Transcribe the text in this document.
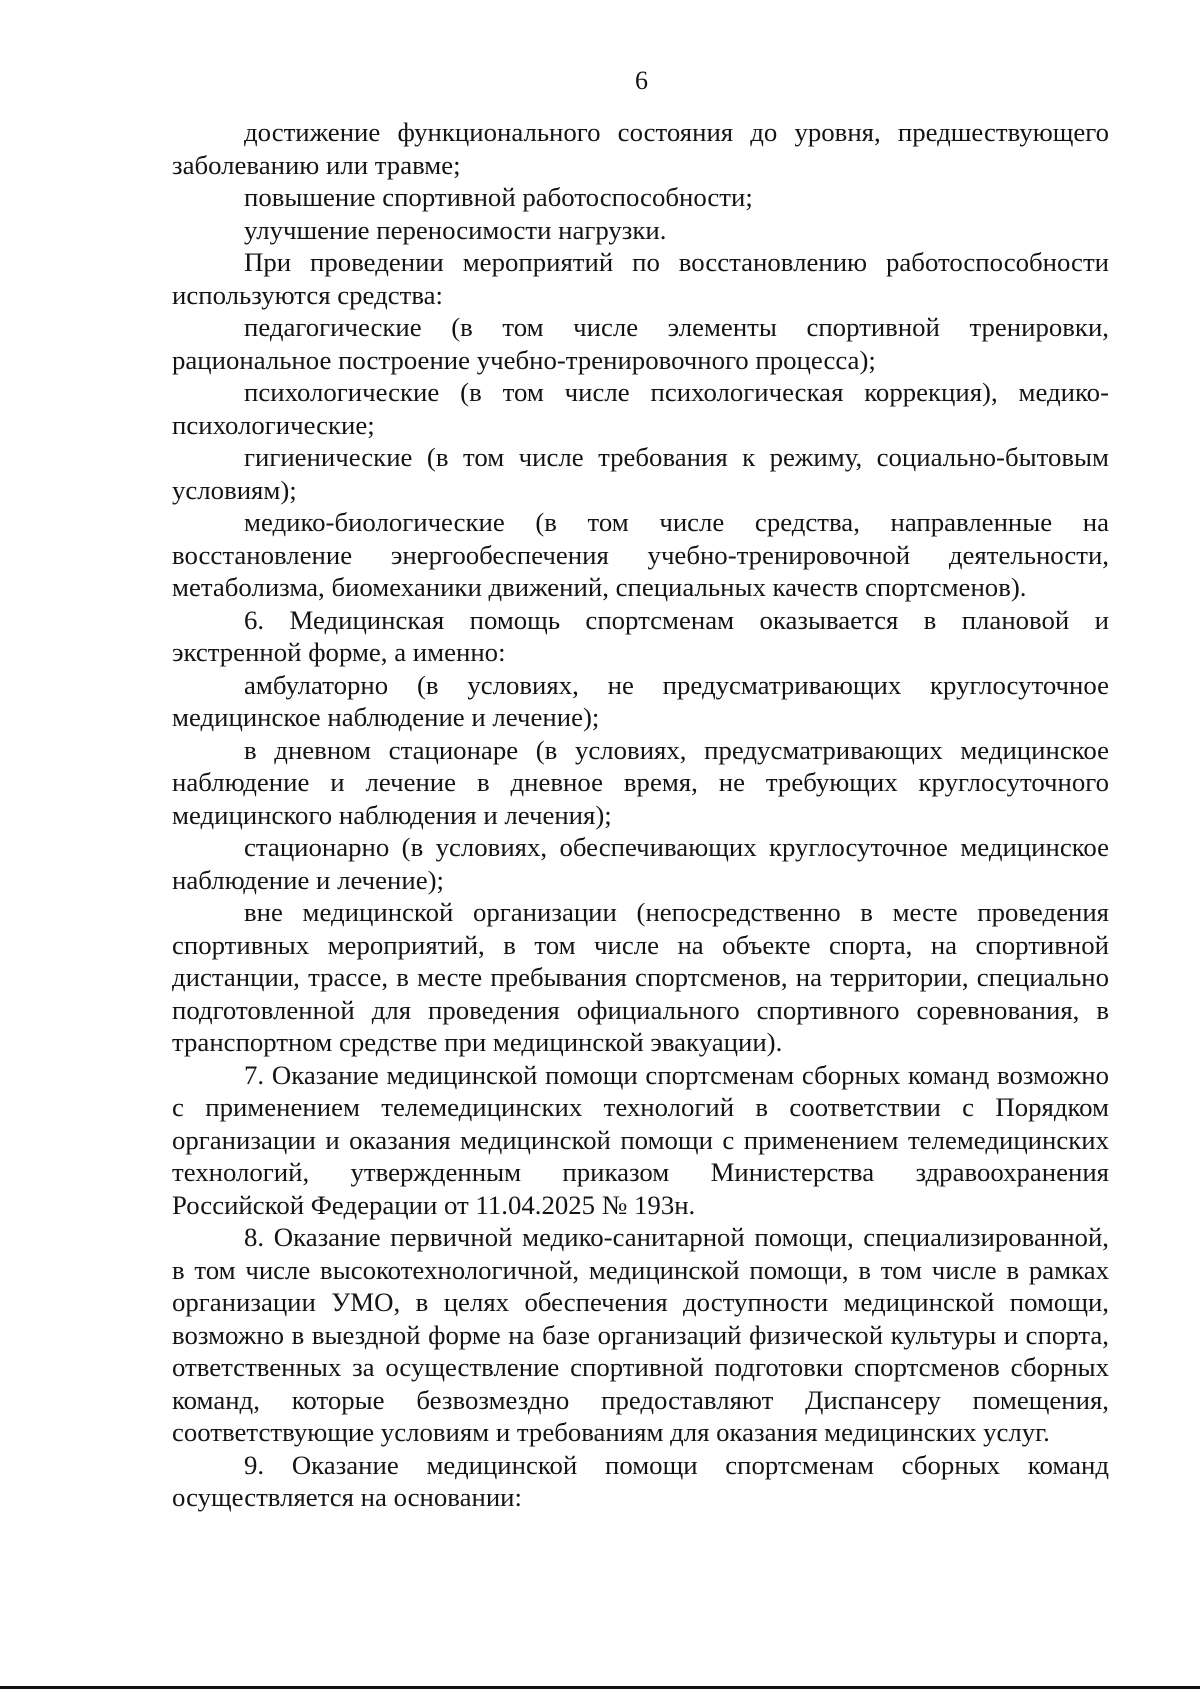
6

достижение функционального состояния до уровня, предшествующего заболеванию или травме;

повышение спортивной работоспособности;

улучшение переносимости нагрузки.

При проведении мероприятий по восстановлению работоспособности используются средства:

педагогические (в том числе элементы спортивной тренировки, рациональное построение учебно-тренировочного процесса);

психологические (в том числе психологическая коррекция), медико-психологические;

гигиенические (в том числе требования к режиму, социально-бытовым условиям);

медико-биологические (в том числе средства, направленные на восстановление энергообеспечения учебно-тренировочной деятельности, метаболизма, биомеханики движений, специальных качеств спортсменов).

6. Медицинская помощь спортсменам оказывается в плановой и экстренной форме, а именно:

амбулаторно (в условиях, не предусматривающих круглосуточное медицинское наблюдение и лечение);

в дневном стационаре (в условиях, предусматривающих медицинское наблюдение и лечение в дневное время, не требующих круглосуточного медицинского наблюдения и лечения);

стационарно (в условиях, обеспечивающих круглосуточное медицинское наблюдение и лечение);

вне медицинской организации (непосредственно в месте проведения спортивных мероприятий, в том числе на объекте спорта, на спортивной дистанции, трассе, в месте пребывания спортсменов, на территории, специально подготовленной для проведения официального спортивного соревнования, в транспортном средстве при медицинской эвакуации).

7. Оказание медицинской помощи спортсменам сборных команд возможно с применением телемедицинских технологий в соответствии с Порядком организации и оказания медицинской помощи с применением телемедицинских технологий, утвержденным приказом Министерства здравоохранения Российской Федерации от 11.04.2025 № 193н.

8. Оказание первичной медико-санитарной помощи, специализированной, в том числе высокотехнологичной, медицинской помощи, в том числе в рамках организации УМО, в целях обеспечения доступности медицинской помощи, возможно в выездной форме на базе организаций физической культуры и спорта, ответственных за осуществление спортивной подготовки спортсменов сборных команд, которые безвозмездно предоставляют Диспансеру помещения, соответствующие условиям и требованиям для оказания медицинских услуг.

9. Оказание медицинской помощи спортсменам сборных команд осуществляется на основании:
